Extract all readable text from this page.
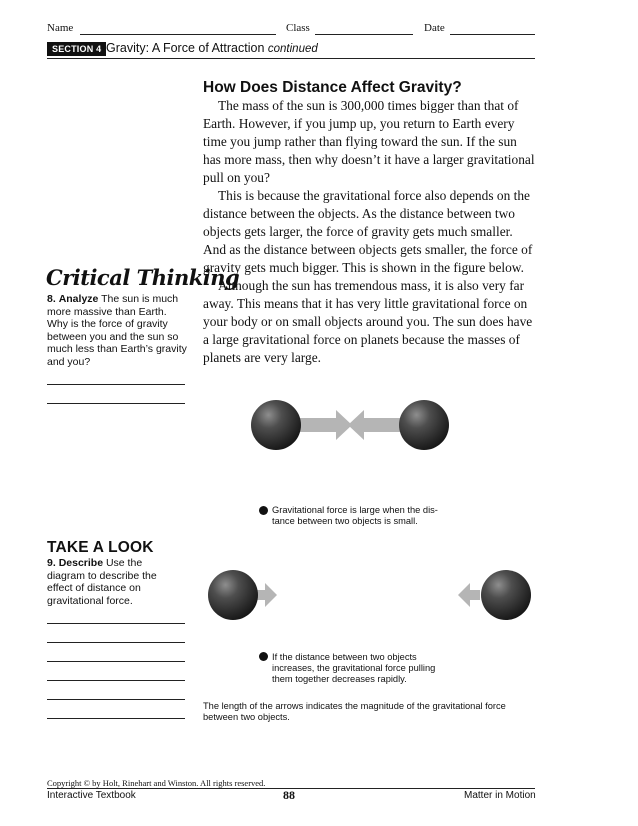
Name	Class	Date
SECTION 4 Gravity: A Force of Attraction continued
How Does Distance Affect Gravity?

The mass of the sun is 300,000 times bigger than that of Earth. However, if you jump up, you return to Earth every time you jump rather than flying toward the sun. If the sun has more mass, then why doesn’t it have a larger gravitational pull on you?

This is because the gravitational force also depends on the distance between the objects. As the distance between two objects gets larger, the force of gravity gets much smaller. And as the distance between objects gets smaller, the force of gravity gets much bigger. This is shown in the figure below.

Although the sun has tremendous mass, it is also very far away. This means that it has very little gravitational force on your body or on small objects around you. The sun does have a large gravitational force on planets because the masses of planets are very large.

Critical Thinking
8. Analyze The sun is much more massive than Earth. Why is the force of gravity between you and the sun so much less than Earth’s gravity and you?
TAKE A LOOK
9. Describe Use the diagram to describe the effect of distance on gravitational force.
Gravitational force is large when the dis-
tance between two objects is small.
If the distance between two objects
increases, the gravitational force pulling
them together decreases rapidly.
The length of the arrows indicates the magnitude of the gravitational force
between two objects.
Copyright © by Holt, Rinehart and Winston. All rights reserved.
Interactive Textbook	88	Matter in Motion
